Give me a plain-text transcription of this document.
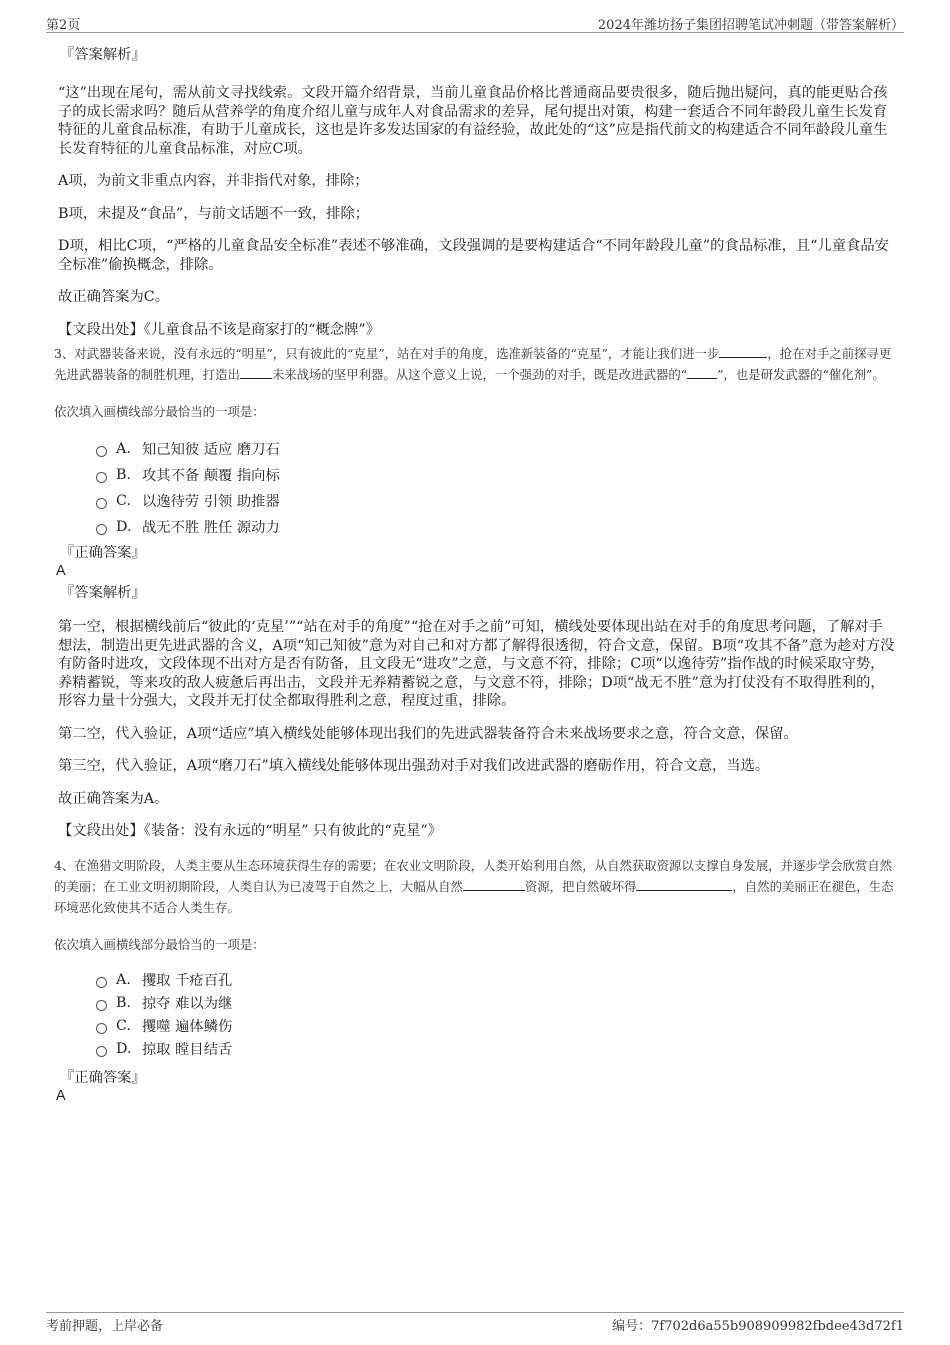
第2页	2024年潍坊扬子集团招聘笔试冲刺题（带答案解析）
『答案解析』

“这”出现在尾句，需从前文寻找线索。文段开篇介绍背景，当前儿童食品价格比普通商品要贵很多，随后抛出疑问，真的能更贴合孩子的成长需求吗？随后从营养学的角度介绍儿童与成年人对食品需求的差异，尾句提出对策，构建一套适合不同年龄段儿童生长发育特征的儿童食品标准，有助于儿童成长，这也是许多发达国家的有益经验，故此处的“这”应是指代前文的构建适合不同年龄段儿童生长发育特征的儿童食品标准，对应C项。

A项，为前文非重点内容，并非指代对象，排除；

B项，未提及“食品”，与前文话题不一致，排除；

D项，相比C项，“严格的儿童食品安全标准”表述不够准确，文段强调的是要构建适合“不同年龄段儿童”的食品标准，且“儿童食品安全标准”偷换概念，排除。

故正确答案为C。

【文段出处】《儿童食品不该是商家打的“概念牌”》

3、对武器装备来说，没有永远的“明星”，只有彼此的“克星”，站在对手的角度，选准新装备的“克星”，才能让我们进一步	，抢在对手之前探寻更先进武器装备的制胜机理，打造出	未来战场的坚甲利器。从这个意义上说，一个强劲的对手，既是改进武器的“ ”，也是研发武器的“催化剂”。

依次填入画横线部分最恰当的一项是：

A. 知己知彼 适应 磨刀石
B. 攻其不备 颠覆 指向标
C. 以逸待劳 引领 助推器
D. 战无不胜 胜任 源动力
『正确答案』
A
『答案解析』

第一空，根据横线前后“彼此的‘克星’”“站在对手的角度”“抢在对手之前”可知，横线处要体现出站在对手的角度思考问题，了解对手想法，制造出更先进武器的含义，A项“知己知彼”意为对自己和对方都了解得很透彻，符合文意，保留。B项“攻其不备”意为趁对方没有防备时进攻，文段体现不出对方是否有防备，且文段无“进攻”之意，与文意不符，排除；C项“以逸待劳”指作战的时候采取守势，养精蓄锐，等来攻的敌人疲惫后再出击，文段并无养精蓄锐之意，与文意不符，排除；D项“战无不胜”意为打仗没有不取得胜利的，形容力量十分强大，文段并无打仗全都取得胜利之意，程度过重，排除。

第二空，代入验证，A项“适应”填入横线处能够体现出我们的先进武器装备符合未来战场要求之意，符合文意，保留。

第三空，代入验证，A项“磨刀石”填入横线处能够体现出强劲对手对我们改进武器的磨砺作用，符合文意，当选。

故正确答案为A。

【文段出处】《装备：没有永远的“明星” 只有彼此的“克星”》

4、在渔猎文明阶段，人类主要从生态环境获得生存的需要；在农业文明阶段，人类开始利用自然，从自然获取资源以支撑自身发展，并逐步学会欣赏自然的美丽；在工业文明初期阶段，人类自认为已凌驾于自然之上，大幅从自然	资源，把自然破坏得	，自然的美丽正在褪色，生态环境恶化致使其不适合人类生存。

依次填入画横线部分最恰当的一项是：

A. 攫取 千疮百孔
B. 掠夺 难以为继
C. 攫噬 遍体鳞伤
D. 掠取 瞠目结舌
『正确答案』
A
考前押题，上岸必备	编号：7f702d6a55b908909982fbdee43d72f1
